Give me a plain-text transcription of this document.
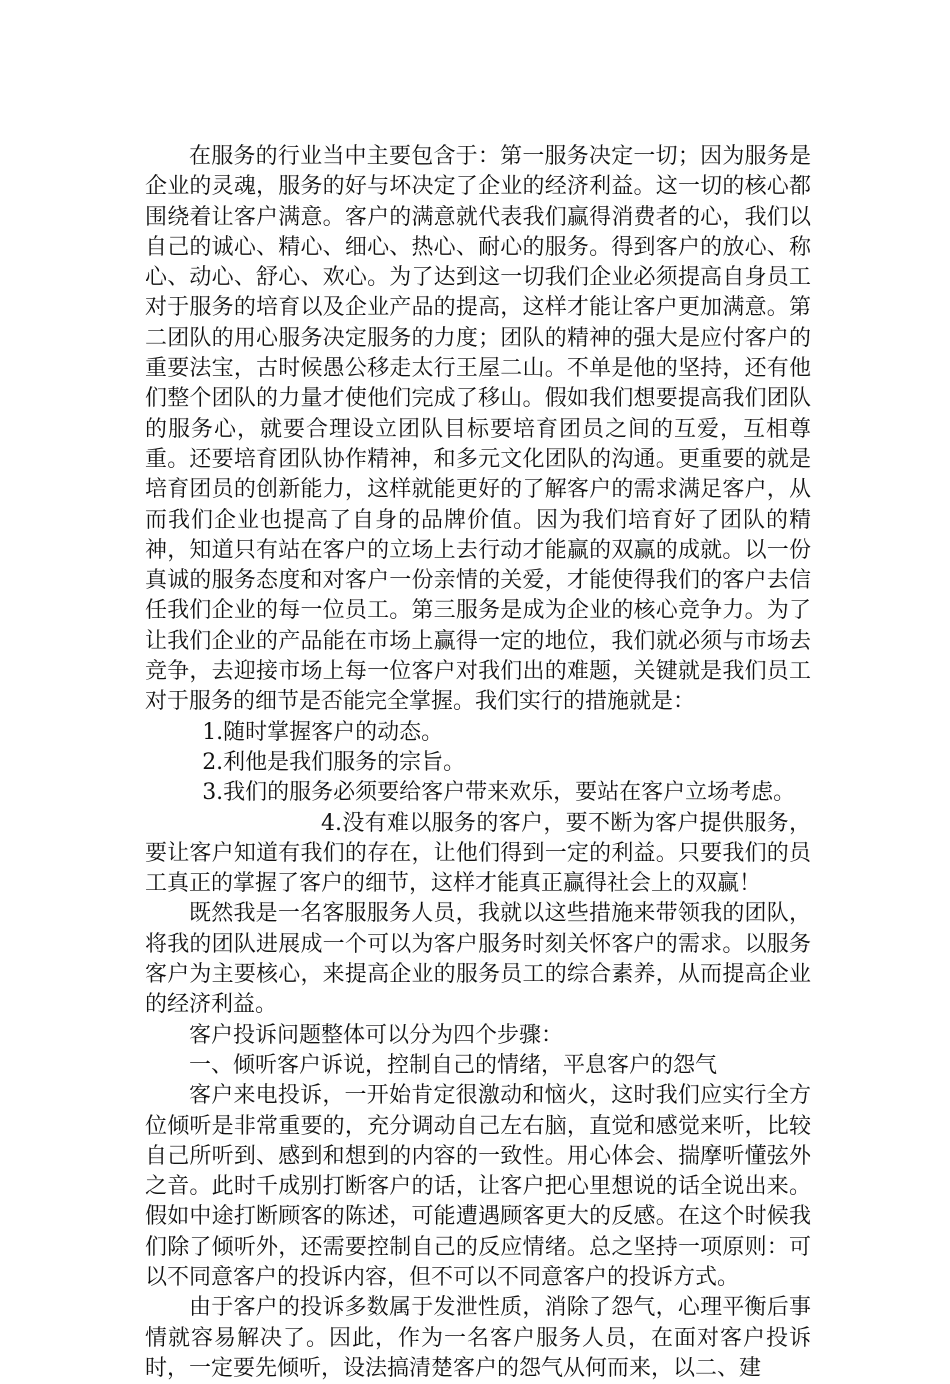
在服务的行业当中主要包含于：第一服务决定一切；因为服务是企业的灵魂，服务的好与坏决定了企业的经济利益。这一切的核心都围绕着让客户满意。客户的满意就代表我们赢得消费者的心，我们以自己的诚心、精心、细心、热心、耐心的服务。得到客户的放心、称心、动心、舒心、欢心。为了达到这一切我们企业必须提高自身员工对于服务的培育以及企业产品的提高，这样才能让客户更加满意。第二团队的用心服务决定服务的力度；团队的精神的强大是应付客户的重要法宝，古时候愚公移走太行王屋二山。不单是他的坚持，还有他们整个团队的力量才使他们完成了移山。假如我们想要提高我们团队的服务心，就要合理设立团队目标要培育团员之间的互爱，互相尊重。还要培育团队协作精神，和多元文化团队的沟通。更重要的就是培育团员的创新能力，这样就能更好的了解客户的需求满足客户，从而我们企业也提高了自身的品牌价值。因为我们培育好了团队的精神，知道只有站在客户的立场上去行动才能赢的双赢的成就。以一份真诚的服务态度和对客户一份亲情的关爱，才能使得我们的客户去信任我们企业的每一位员工。第三服务是成为企业的核心竞争力。为了让我们企业的产品能在市场上赢得一定的地位，我们就必须与市场去竞争，去迎接市场上每一位客户对我们出的难题，关键就是我们员工对于服务的细节是否能完全掌握。我们实行的措施就是：

1.随时掌握客户的动态。

2.利他是我们服务的宗旨。

3.我们的服务必须要给客户带来欢乐，要站在客户立场考虑。

4.没有难以服务的客户，要不断为客户提供服务，要让客户知道有我们的存在，让他们得到一定的利益。只要我们的员工真正的掌握了客户的细节，这样才能真正赢得社会上的双赢！

既然我是一名客服服务人员，我就以这些措施来带领我的团队，将我的团队进展成一个可以为客户服务时刻关怀客户的需求。以服务客户为主要核心，来提高企业的服务员工的综合素养，从而提高企业的经济利益。

客户投诉问题整体可以分为四个步骤：

一、倾听客户诉说，控制自己的情绪，平息客户的怨气

客户来电投诉，一开始肯定很激动和恼火，这时我们应实行全方位倾听是非常重要的，充分调动自己左右脑，直觉和感觉来听，比较自己所听到、感到和想到的内容的一致性。用心体会、揣摩听懂弦外之音。此时千成别打断客户的话，让客户把心里想说的话全说出来。假如中途打断顾客的陈述，可能遭遇顾客更大的反感。在这个时候我们除了倾听外，还需要控制自己的反应情绪。总之坚持一项原则：可以不同意客户的投诉内容，但不可以不同意客户的投诉方式。

由于客户的投诉多数属于发泄性质，消除了怨气，心理平衡后事情就容易解决了。因此，作为一名客户服务人员，在面对客户投诉时，一定要先倾听，设法搞清楚客户的怨气从何而来，以二、建
